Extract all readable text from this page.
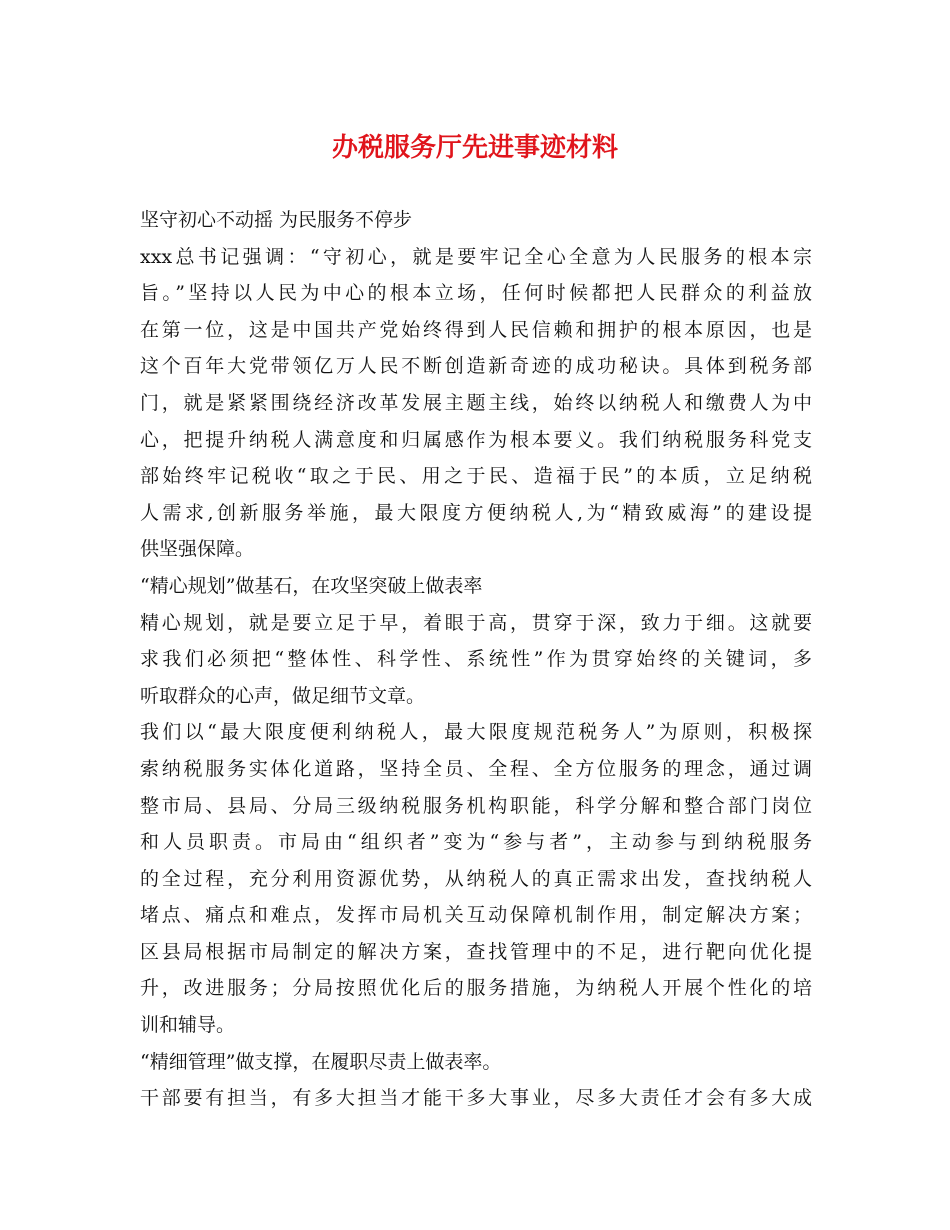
办税服务厅先进事迹材料
坚守初心不动摇 为民服务不停步
xxx总书记强调：“守初心，就是要牢记全心全意为人民服务的根本宗
旨。”坚持以人民为中心的根本立场，任何时候都把人民群众的利益放
在第一位，这是中国共产党始终得到人民信赖和拥护的根本原因，也是
这个百年大党带领亿万人民不断创造新奇迹的成功秘诀。具体到税务部
门，就是紧紧围绕经济改革发展主题主线，始终以纳税人和缴费人为中
心，把提升纳税人满意度和归属感作为根本要义。我们纳税服务科党支
部始终牢记税收“取之于民、用之于民、造福于民”的本质，立足纳税
人需求,创新服务举施，最大限度方便纳税人,为“精致威海”的建设提
供坚强保障。
“精心规划”做基石，在攻坚突破上做表率
精心规划，就是要立足于早，着眼于高，贯穿于深，致力于细。这就要
求我们必须把“整体性、科学性、系统性”作为贯穿始终的关键词，多
听取群众的心声，做足细节文章。
我们以“最大限度便利纳税人，最大限度规范税务人”为原则，积极探
索纳税服务实体化道路，坚持全员、全程、全方位服务的理念，通过调
整市局、县局、分局三级纳税服务机构职能，科学分解和整合部门岗位
和人员职责。市局由“组织者”变为“参与者”，主动参与到纳税服务
的全过程，充分利用资源优势，从纳税人的真正需求出发，查找纳税人
堵点、痛点和难点，发挥市局机关互动保障机制作用，制定解决方案；
区县局根据市局制定的解决方案，查找管理中的不足，进行靶向优化提
升，改进服务；分局按照优化后的服务措施，为纳税人开展个性化的培
训和辅导。
“精细管理”做支撑，在履职尽责上做表率。
干部要有担当，有多大担当才能干多大事业，尽多大责任才会有多大成
